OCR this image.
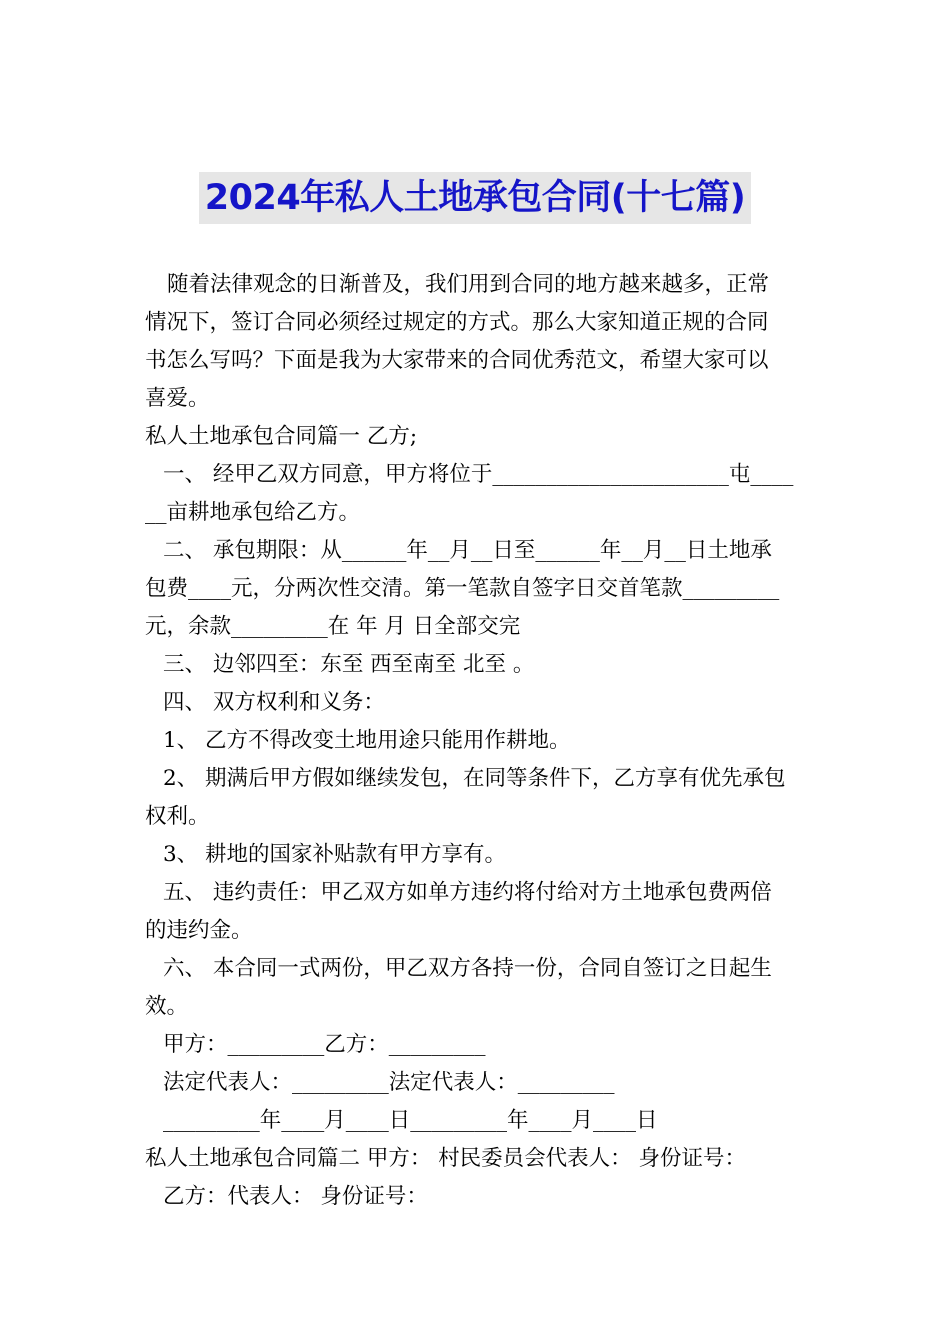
2024年私人土地承包合同(十七篇)

随着法律观念的日渐普及，我们用到合同的地方越来越多，正常

情况下，签订合同必须经过规定的方式。那么大家知道正规的合同

书怎么写吗？下面是我为大家带来的合同优秀范文，希望大家可以

喜爱。

私人土地承包合同篇一 乙方;

一、 经甲乙双方同意，甲方将位于______________________屯____

__亩耕地承包给乙方。

二、 承包期限：从______年__月__日至______年__月__日土地承

包费____元，分两次性交清。第一笔款自签字日交首笔款_________

元，余款_________在 年 月 日全部交完

三、 边邻四至：东至 西至南至 北至 。

四、 双方权利和义务：

1、 乙方不得改变土地用途只能用作耕地。

2、 期满后甲方假如继续发包，在同等条件下，乙方享有优先承包

权利。

3、 耕地的国家补贴款有甲方享有。

五、 违约责任：甲乙双方如单方违约将付给对方土地承包费两倍

的违约金。

六、 本合同一式两份，甲乙双方各持一份，合同自签订之日起生

效。

甲方：_________乙方：_________

法定代表人：_________法定代表人：_________

_________年____月____日_________年____月____日

私人土地承包合同篇二 甲方： 村民委员会代表人： 身份证号：

乙方：代表人： 身份证号：
